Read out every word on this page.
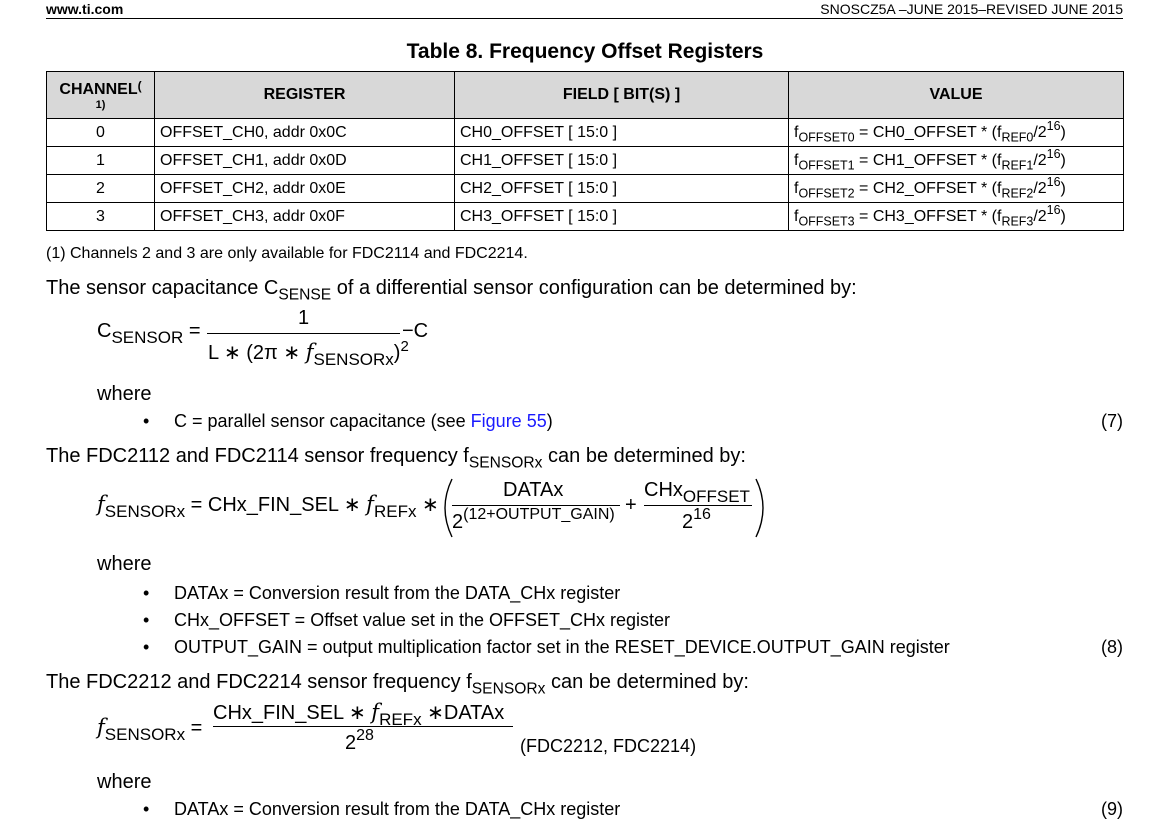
www.ti.com	SNOSCZ5A –JUNE 2015–REVISED JUNE 2015
Table 8. Frequency Offset Registers
CHANNEL(
1)	REGISTER	FIELD [ BIT(S) ]	VALUE
0	OFFSET_CH0, addr 0x0C	CH0_OFFSET [ 15:0 ]	$f_{OFFSET0}$ = CH0_OFFSET * $(f_{REF0}/2^{16})$
1	OFFSET_CH1, addr 0x0D	CH1_OFFSET [ 15:0 ]	$f_{OFFSET1}$ = CH1_OFFSET * $(f_{REF1}/2^{16})$
2	OFFSET_CH2, addr 0x0E	CH2_OFFSET [ 15:0 ]	$f_{OFFSET2}$ = CH2_OFFSET * $(f_{REF2}/2^{16})$
3	OFFSET_CH3, addr 0x0F	CH3_OFFSET [ 15:0 ]	$f_{OFFSET3}$ = CH3_OFFSET * $(f_{REF3}/2^{16})$
(1) Channels 2 and 3 are only available for FDC2114 and FDC2214.
The sensor capacitance $C_{SENSE}$ of a differential sensor configuration can be determined by:
$C_{SENSOR}$ =
1
L ∗ (2π ∗ $f_{SENSORx})^2$
−C
where
• C = parallel sensor capacitance (see Figure 55)	(7)
The FDC2112 and FDC2114 sensor frequency $f_{SENSORx}$ can be determined by:
$f_{SENSORx}$ = CHx_FIN_SEL ∗ $f_{REFx}$ ∗
DATAx
$2^{(12+OUTPUT\_GAIN)}$ +
CHx$_{OFFSET}$
$2^{16}$
where
• DATAx = Conversion result from the DATA_CHx register
• CHx_OFFSET = Offset value set in the OFFSET_CHx register
• OUTPUT_GAIN = output multiplication factor set in the RESET_DEVICE.OUTPUT_GAIN register	(8)
The FDC2212 and FDC2214 sensor frequency $f_{SENSORx}$ can be determined by:
$f_{SENSORx}$ =
CHx_FIN_SEL ∗ $f_{REFx}$ ∗DATAx
$2^{28}$
(FDC2212, FDC2214)
where
• DATAx = Conversion result from the DATA_CHx register	(9)
